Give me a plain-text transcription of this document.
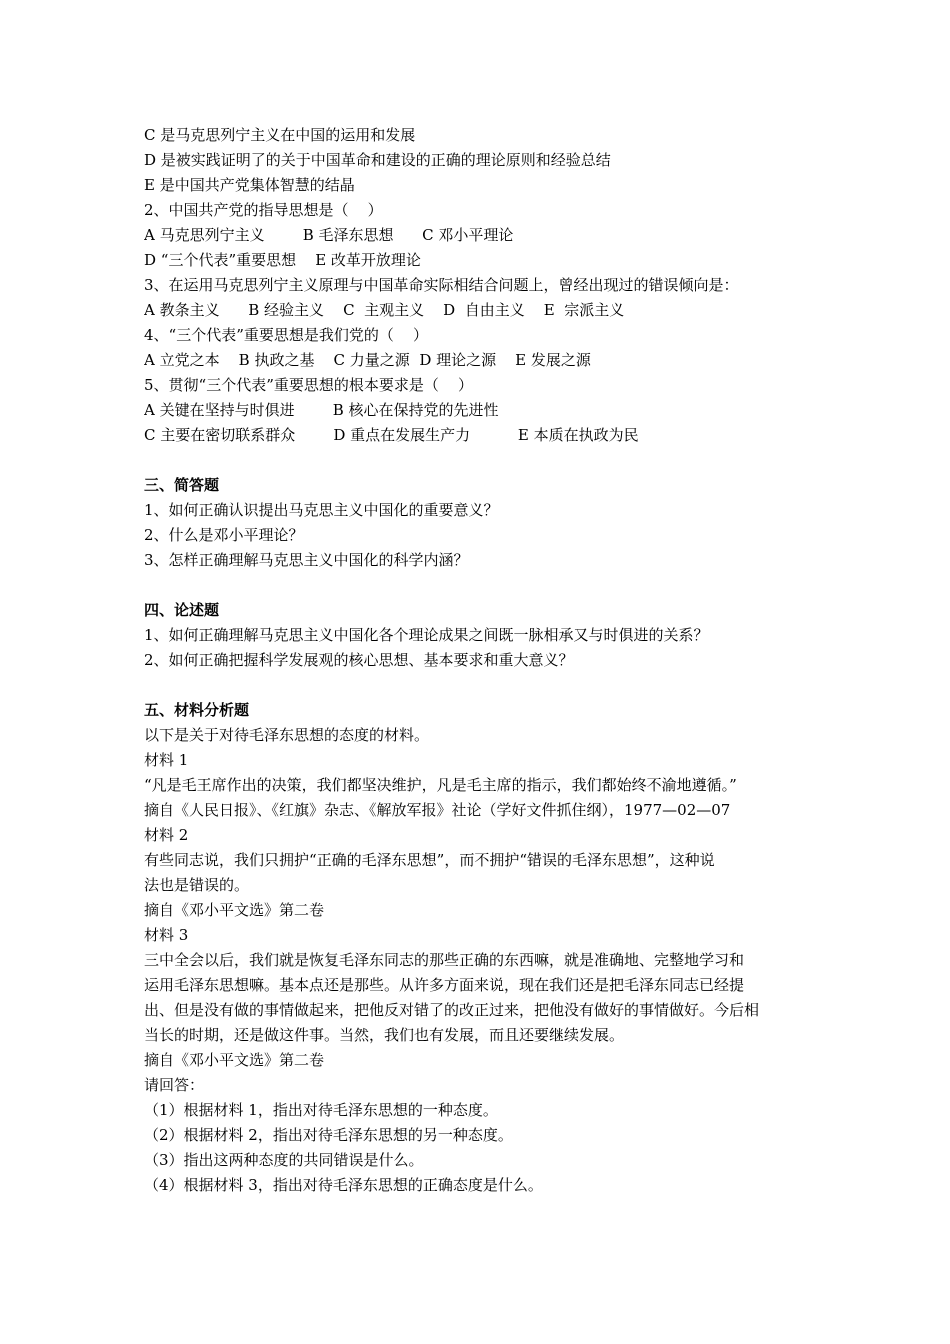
C 是马克思列宁主义在中国的运用和发展
D 是被实践证明了的关于中国革命和建设的正确的理论原则和经验总结
E 是中国共产党集体智慧的结晶
2、中国共产党的指导思想是（    ）
A 马克思列宁主义        B 毛泽东思想      C 邓小平理论
D “三个代表”重要思想    E 改革开放理论
3、在运用马克思列宁主义原理与中国革命实际相结合问题上，曾经出现过的错误倾向是：
A 教条主义      B 经验主义    C  主观主义    D  自由主义    E  宗派主义
4、“三个代表”重要思想是我们党的（    ）
A 立党之本    B 执政之基    C 力量之源  D 理论之源    E 发展之源
5、贯彻“三个代表”重要思想的根本要求是（    ）
A 关键在坚持与时俱进        B 核心在保持党的先进性
C 主要在密切联系群众        D 重点在发展生产力          E 本质在执政为民
三、简答题
1、如何正确认识提出马克思主义中国化的重要意义？
2、什么是邓小平理论？
3、怎样正确理解马克思主义中国化的科学内涵？
四、论述题
1、如何正确理解马克思主义中国化各个理论成果之间既一脉相承又与时俱进的关系？
2、如何正确把握科学发展观的核心思想、基本要求和重大意义？
五、材料分析题
以下是关于对待毛泽东思想的态度的材料。
材料 1
“凡是毛王席作出的决策，我们都坚决维护，凡是毛主席的指示，我们都始终不渝地遵循。”
摘自《人民日报》、《红旗》杂志、《解放军报》社论（学好文件抓住纲），1977—02—07
材料 2
有些同志说，我们只拥护“正确的毛泽东思想”，而不拥护“错误的毛泽东思想”，这种说
法也是错误的。
摘自《邓小平文选》第二卷
材料 3
三中全会以后，我们就是恢复毛泽东同志的那些正确的东西嘛，就是准确地、完整地学习和
运用毛泽东思想嘛。基本点还是那些。从许多方面来说，现在我们还是把毛泽东同志已经提
出、但是没有做的事情做起来，把他反对错了的改正过来，把他没有做好的事情做好。今后相
当长的时期，还是做这件事。当然，我们也有发展，而且还要继续发展。
摘自《邓小平文选》第二卷
请回答：
（1）根据材料 1，指出对待毛泽东思想的一种态度。
（2）根据材料 2，指出对待毛泽东思想的另一种态度。
（3）指出这两种态度的共同错误是什么。
（4）根据材料 3，指出对待毛泽东思想的正确态度是什么。
